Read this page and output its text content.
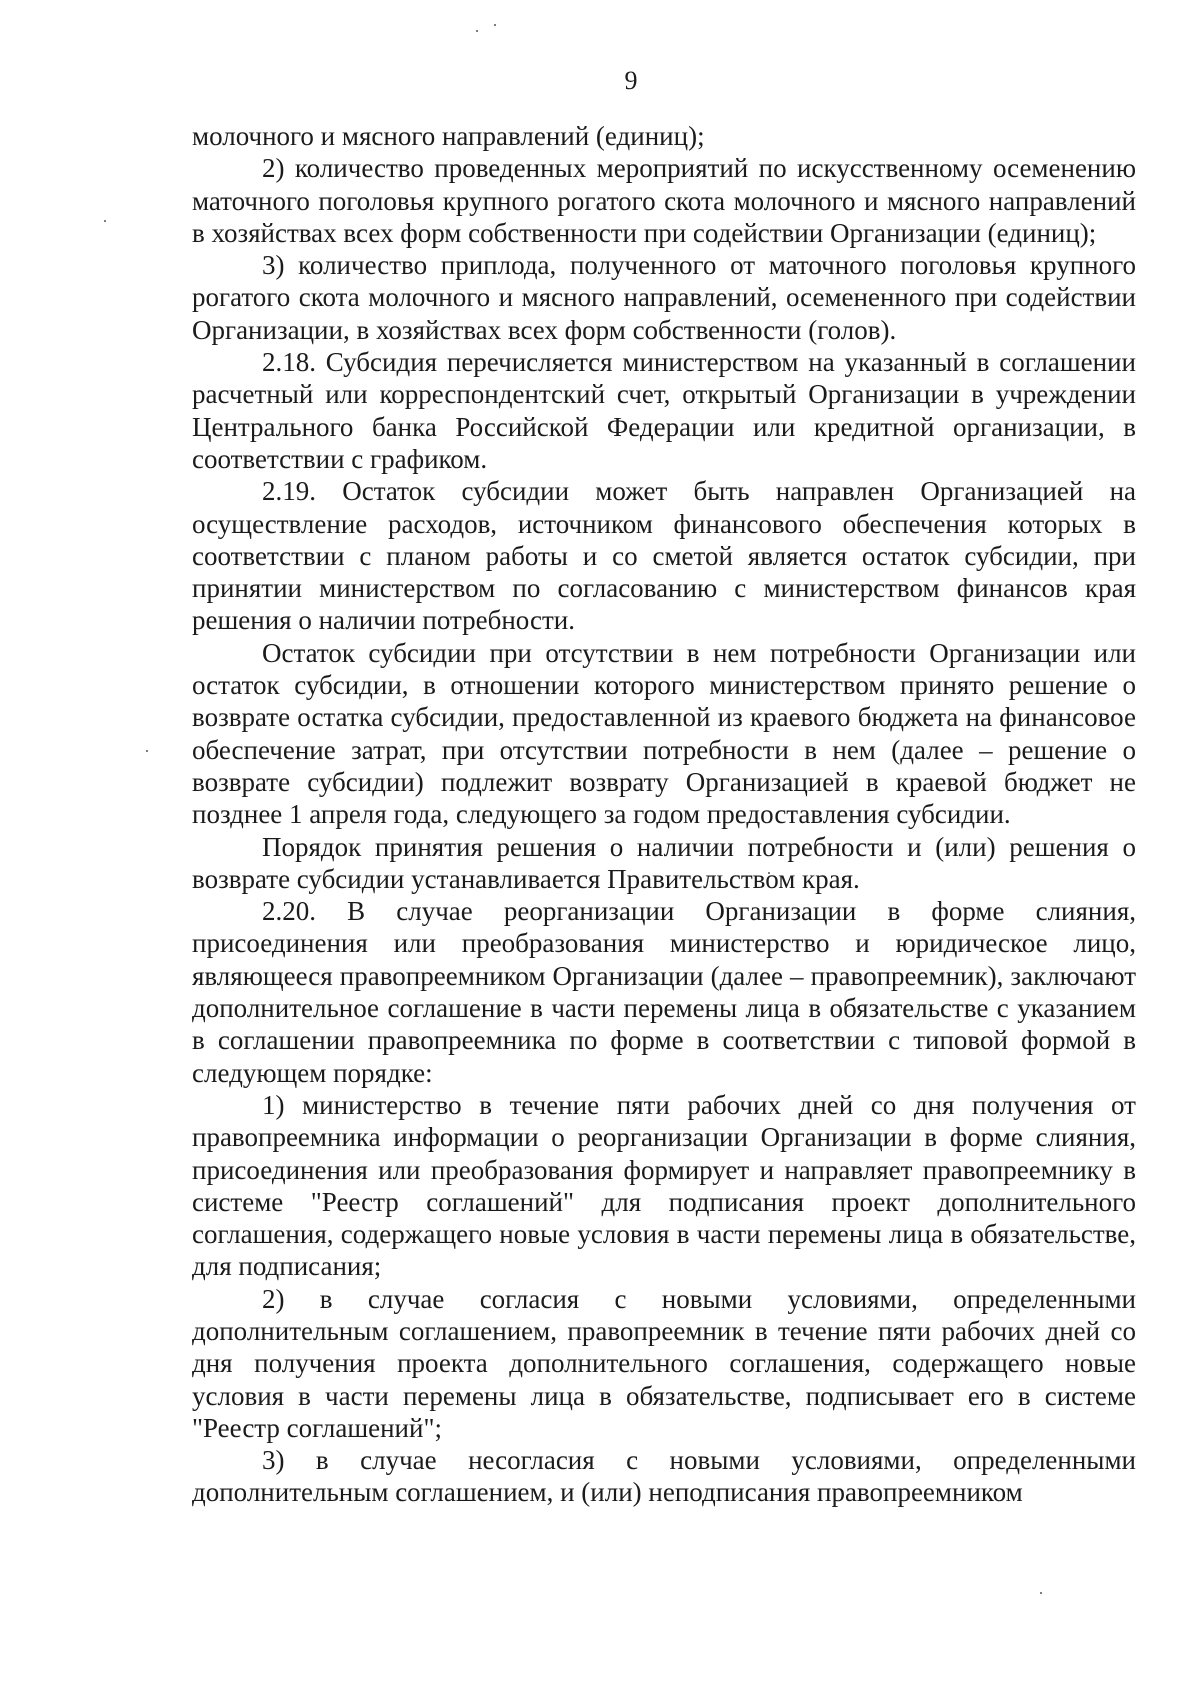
9

молочного и мясного направлений (единиц);

2) количество проведенных мероприятий по искусственному осеменению маточного поголовья крупного рогатого скота молочного и мясного направлений в хозяйствах всех форм собственности при содействии Организации (единиц);

3) количество приплода, полученного от маточного поголовья крупного рогатого скота молочного и мясного направлений, осемененного при содействии Организации, в хозяйствах всех форм собственности (голов).

2.18. Субсидия перечисляется министерством на указанный в соглашении расчетный или корреспондентский счет, открытый Организации в учреждении Центрального банка Российской Федерации или кредитной организации, в соответствии с графиком.

2.19. Остаток субсидии может быть направлен Организацией на осуществление расходов, источником финансового обеспечения которых в соответствии с планом работы и со сметой является остаток субсидии, при принятии министерством по согласованию с министерством финансов края решения о наличии потребности.

Остаток субсидии при отсутствии в нем потребности Организации или остаток субсидии, в отношении которого министерством принято решение о возврате остатка субсидии, предоставленной из краевого бюджета на финансовое обеспечение затрат, при отсутствии потребности в нем (далее – решение о возврате субсидии) подлежит возврату Организацией в краевой бюджет не позднее 1 апреля года, следующего за годом предоставления субсидии.

Порядок принятия решения о наличии потребности и (или) решения о возврате субсидии устанавливается Правительством края.

2.20. В случае реорганизации Организации в форме слияния, присоединения или преобразования министерство и юридическое лицо, являющееся правопреемником Организации (далее – правопреемник), заключают дополнительное соглашение в части перемены лица в обязательстве с указанием в соглашении правопреемника по форме в соответствии с типовой формой в следующем порядке:

1) министерство в течение пяти рабочих дней со дня получения от правопреемника информации о реорганизации Организации в форме слияния, присоединения или преобразования формирует и направляет правопреемнику в системе "Реестр соглашений" для подписания проект дополнительного соглашения, содержащего новые условия в части перемены лица в обязательстве, для подписания;

2) в случае согласия с новыми условиями, определенными дополнительным соглашением, правопреемник в течение пяти рабочих дней со дня получения проекта дополнительного соглашения, содержащего новые условия в части перемены лица в обязательстве, подписывает его в системе "Реестр соглашений";

3) в случае несогласия с новыми условиями, определенными дополнительным соглашением, и (или) неподписания правопреемником
